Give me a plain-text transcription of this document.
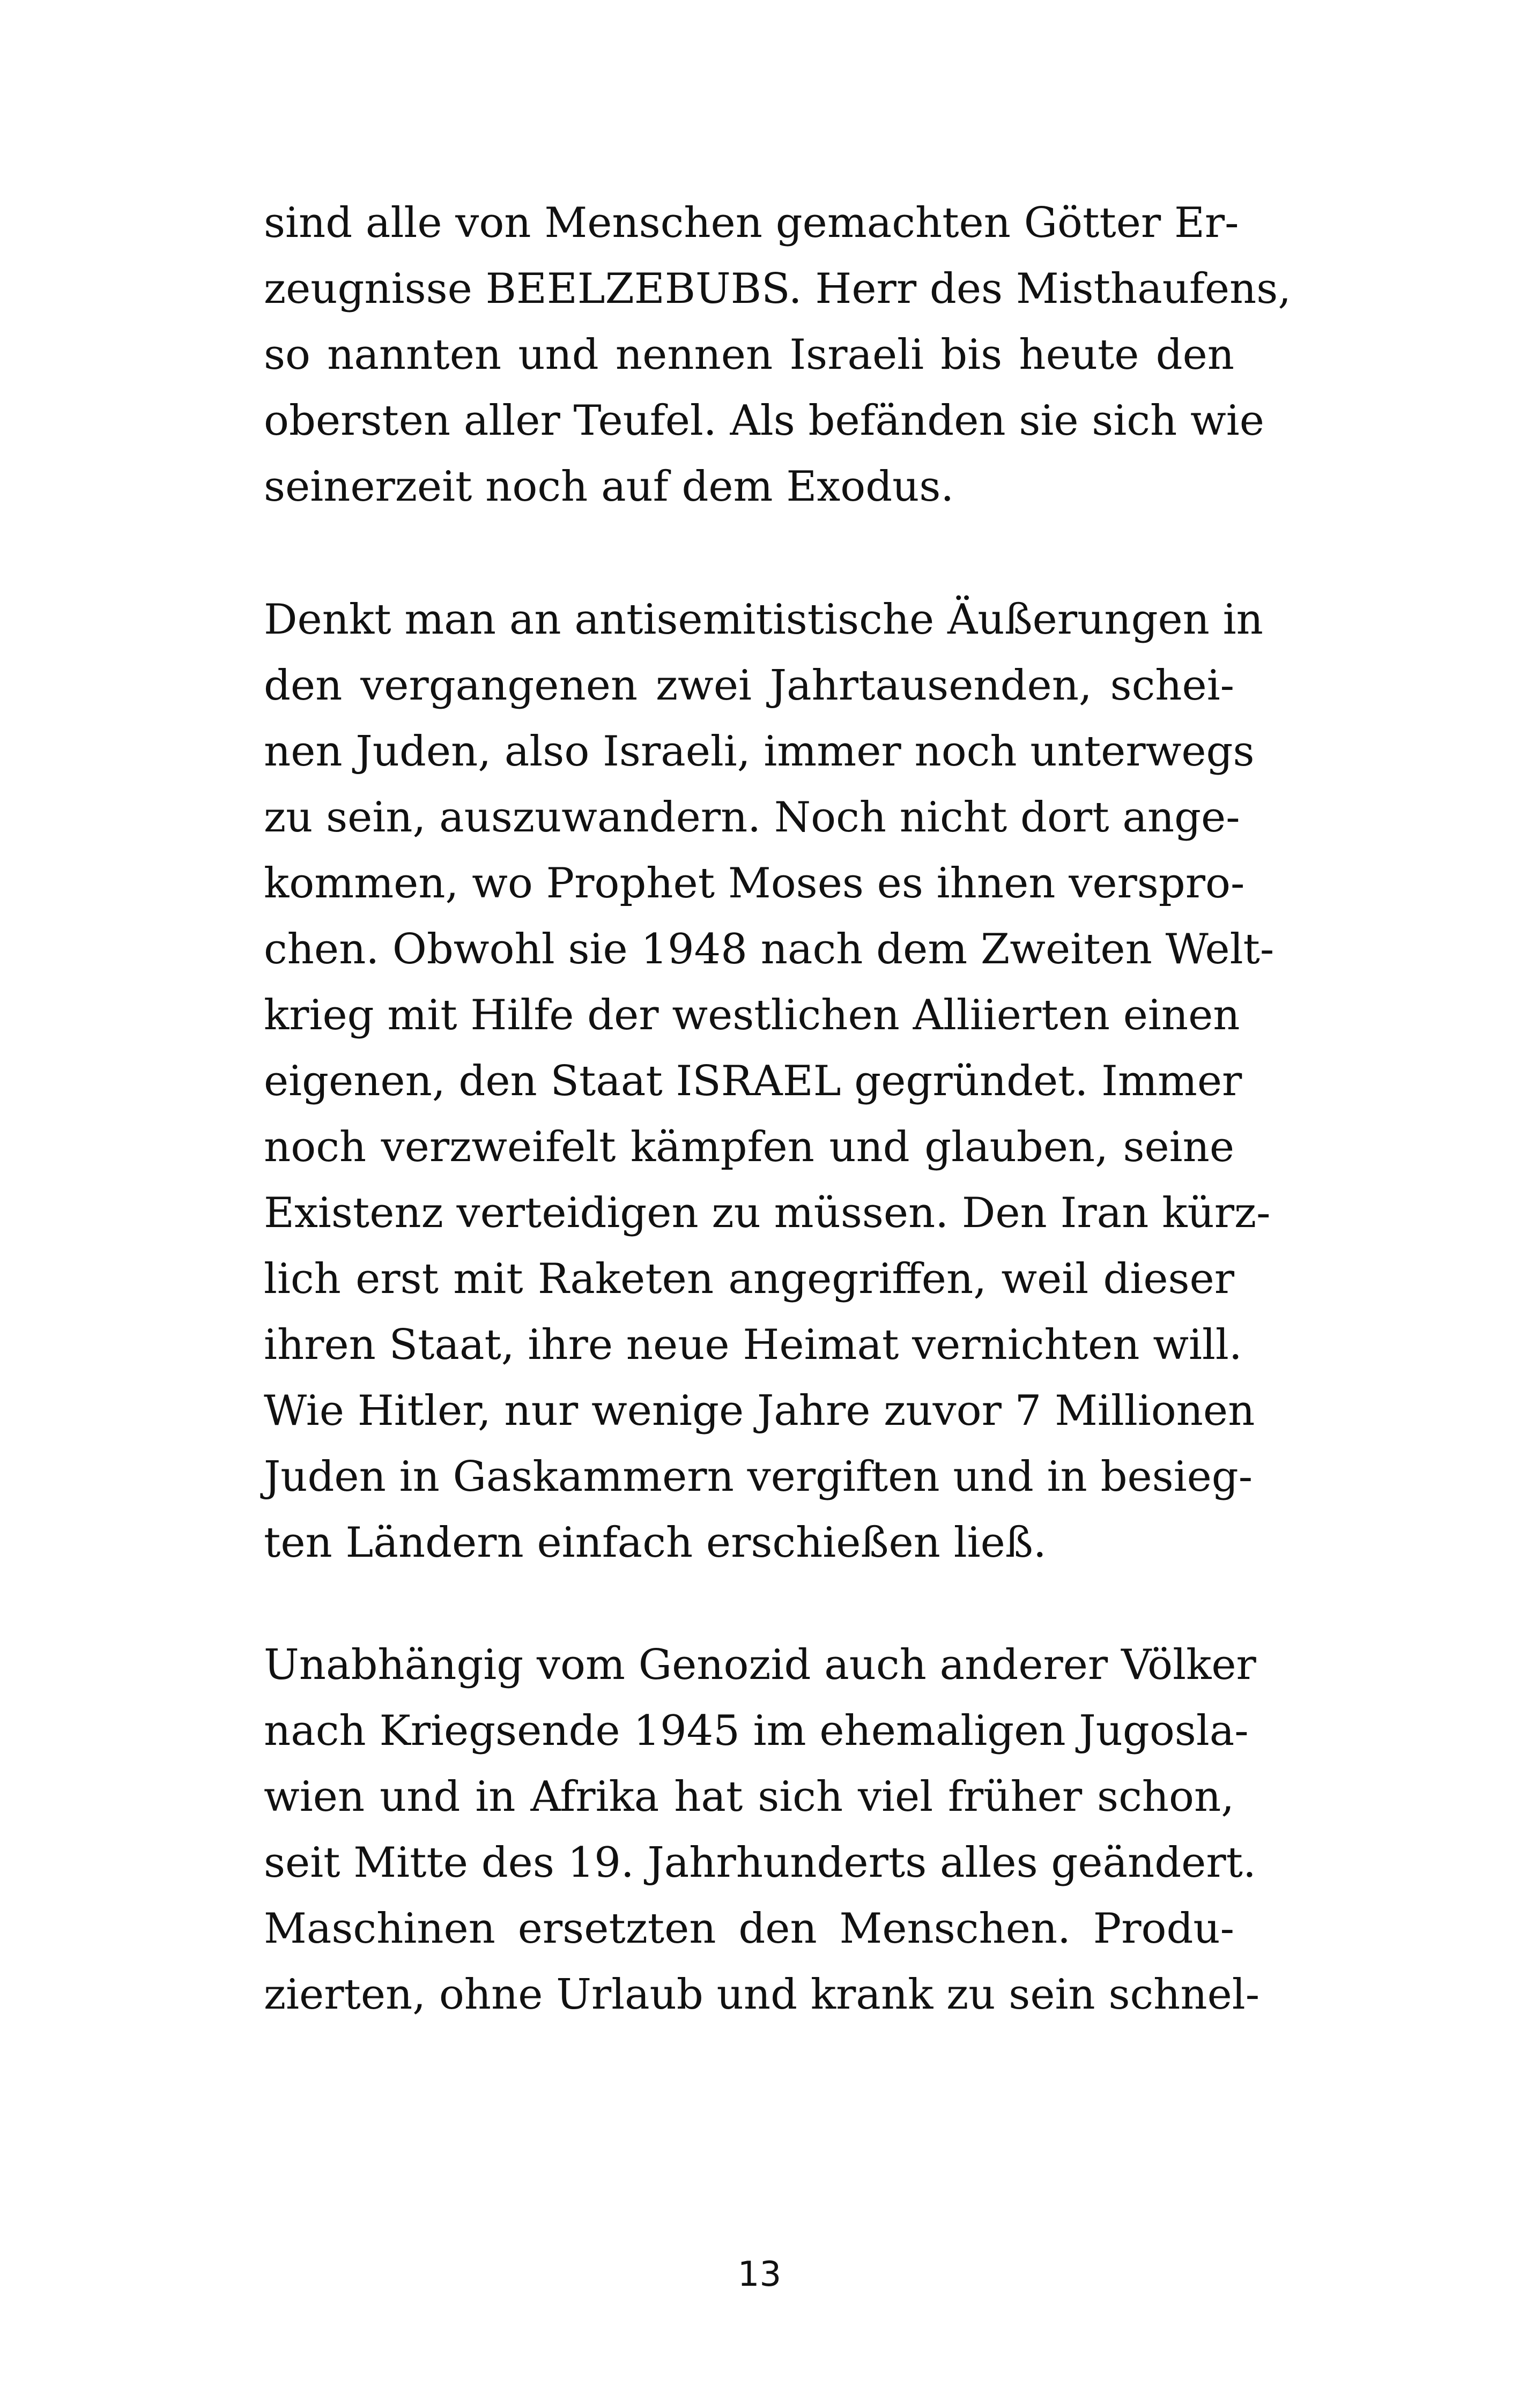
sind alle von Menschen gemachten Götter Er-
zeugnisse BEELZEBUBS. Herr des Misthaufens,
so nannten und nennen Israeli bis heute den
obersten aller Teufel. Als befänden sie sich wie
seinerzeit noch auf dem Exodus.
Denkt man an antisemitistische Äußerungen in
den vergangenen zwei Jahrtausenden, schei-
nen Juden, also Israeli, immer noch unterwegs
zu sein, auszuwandern. Noch nicht dort ange-
kommen, wo Prophet Moses es ihnen verspro-
chen. Obwohl sie 1948 nach dem Zweiten Welt-
krieg mit Hilfe der westlichen Alliierten einen
eigenen, den Staat ISRAEL gegründet. Immer
noch verzweifelt kämpfen und glauben, seine
Existenz verteidigen zu müssen. Den Iran kürz-
lich erst mit Raketen angegriffen, weil dieser
ihren Staat, ihre neue Heimat vernichten will.
Wie Hitler, nur wenige Jahre zuvor 7 Millionen
Juden in Gaskammern vergiften und in besieg-
ten Ländern einfach erschießen ließ.
Unabhängig vom Genozid auch anderer Völker
nach Kriegsende 1945 im ehemaligen Jugosla-
wien und in Afrika hat sich viel früher schon,
seit Mitte des 19. Jahrhunderts alles geändert.
Maschinen ersetzten den Menschen. Produ-
zierten, ohne Urlaub und krank zu sein schnel-
13
